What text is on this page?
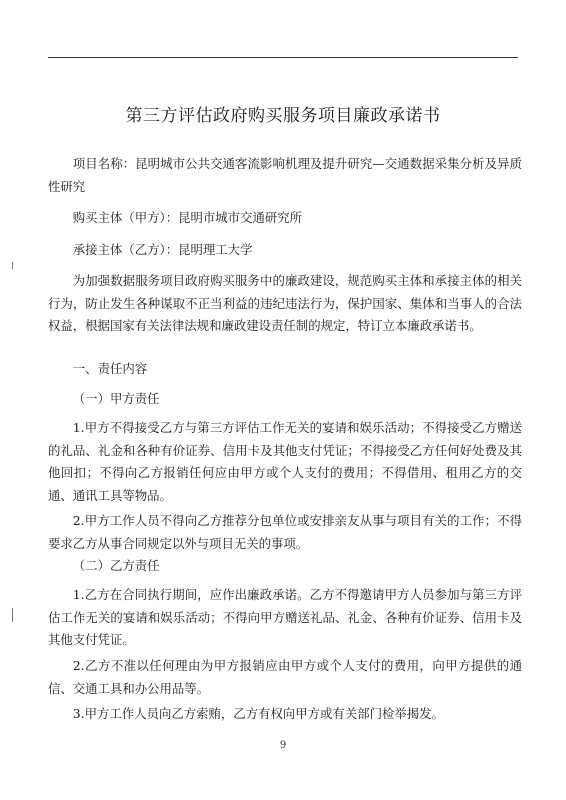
第三方评估政府购买服务项目廉政承诺书

项目名称：昆明城市公共交通客流影响机理及提升研究—交通数据采集分析及异质性研究

购买主体（甲方）：昆明市城市交通研究所

承接主体（乙方）：昆明理工大学

为加强数据服务项目政府购买服务中的廉政建设，规范购买主体和承接主体的相关行为，防止发生各种谋取不正当利益的违纪违法行为，保护国家、集体和当事人的合法权益，根据国家有关法律法规和廉政建设责任制的规定，特订立本廉政承诺书。

一、责任内容

（一）甲方责任

1.甲方不得接受乙方与第三方评估工作无关的宴请和娱乐活动；不得接受乙方赠送的礼品、礼金和各种有价证券、信用卡及其他支付凭证；不得接受乙方任何好处费及其他回扣；不得向乙方报销任何应由甲方或个人支付的费用；不得借用、租用乙方的交通、通讯工具等物品。

2.甲方工作人员不得向乙方推荐分包单位或安排亲友从事与项目有关的工作；不得要求乙方从事合同规定以外与项目无关的事项。

（二）乙方责任

1.乙方在合同执行期间，应作出廉政承诺。乙方不得邀请甲方人员参加与第三方评估工作无关的宴请和娱乐活动；不得向甲方赠送礼品、礼金、各种有价证券、信用卡及其他支付凭证。

2.乙方不准以任何理由为甲方报销应由甲方或个人支付的费用，向甲方提供的通信、交通工具和办公用品等。

3.甲方工作人员向乙方索贿，乙方有权向甲方或有关部门检举揭发。

9
